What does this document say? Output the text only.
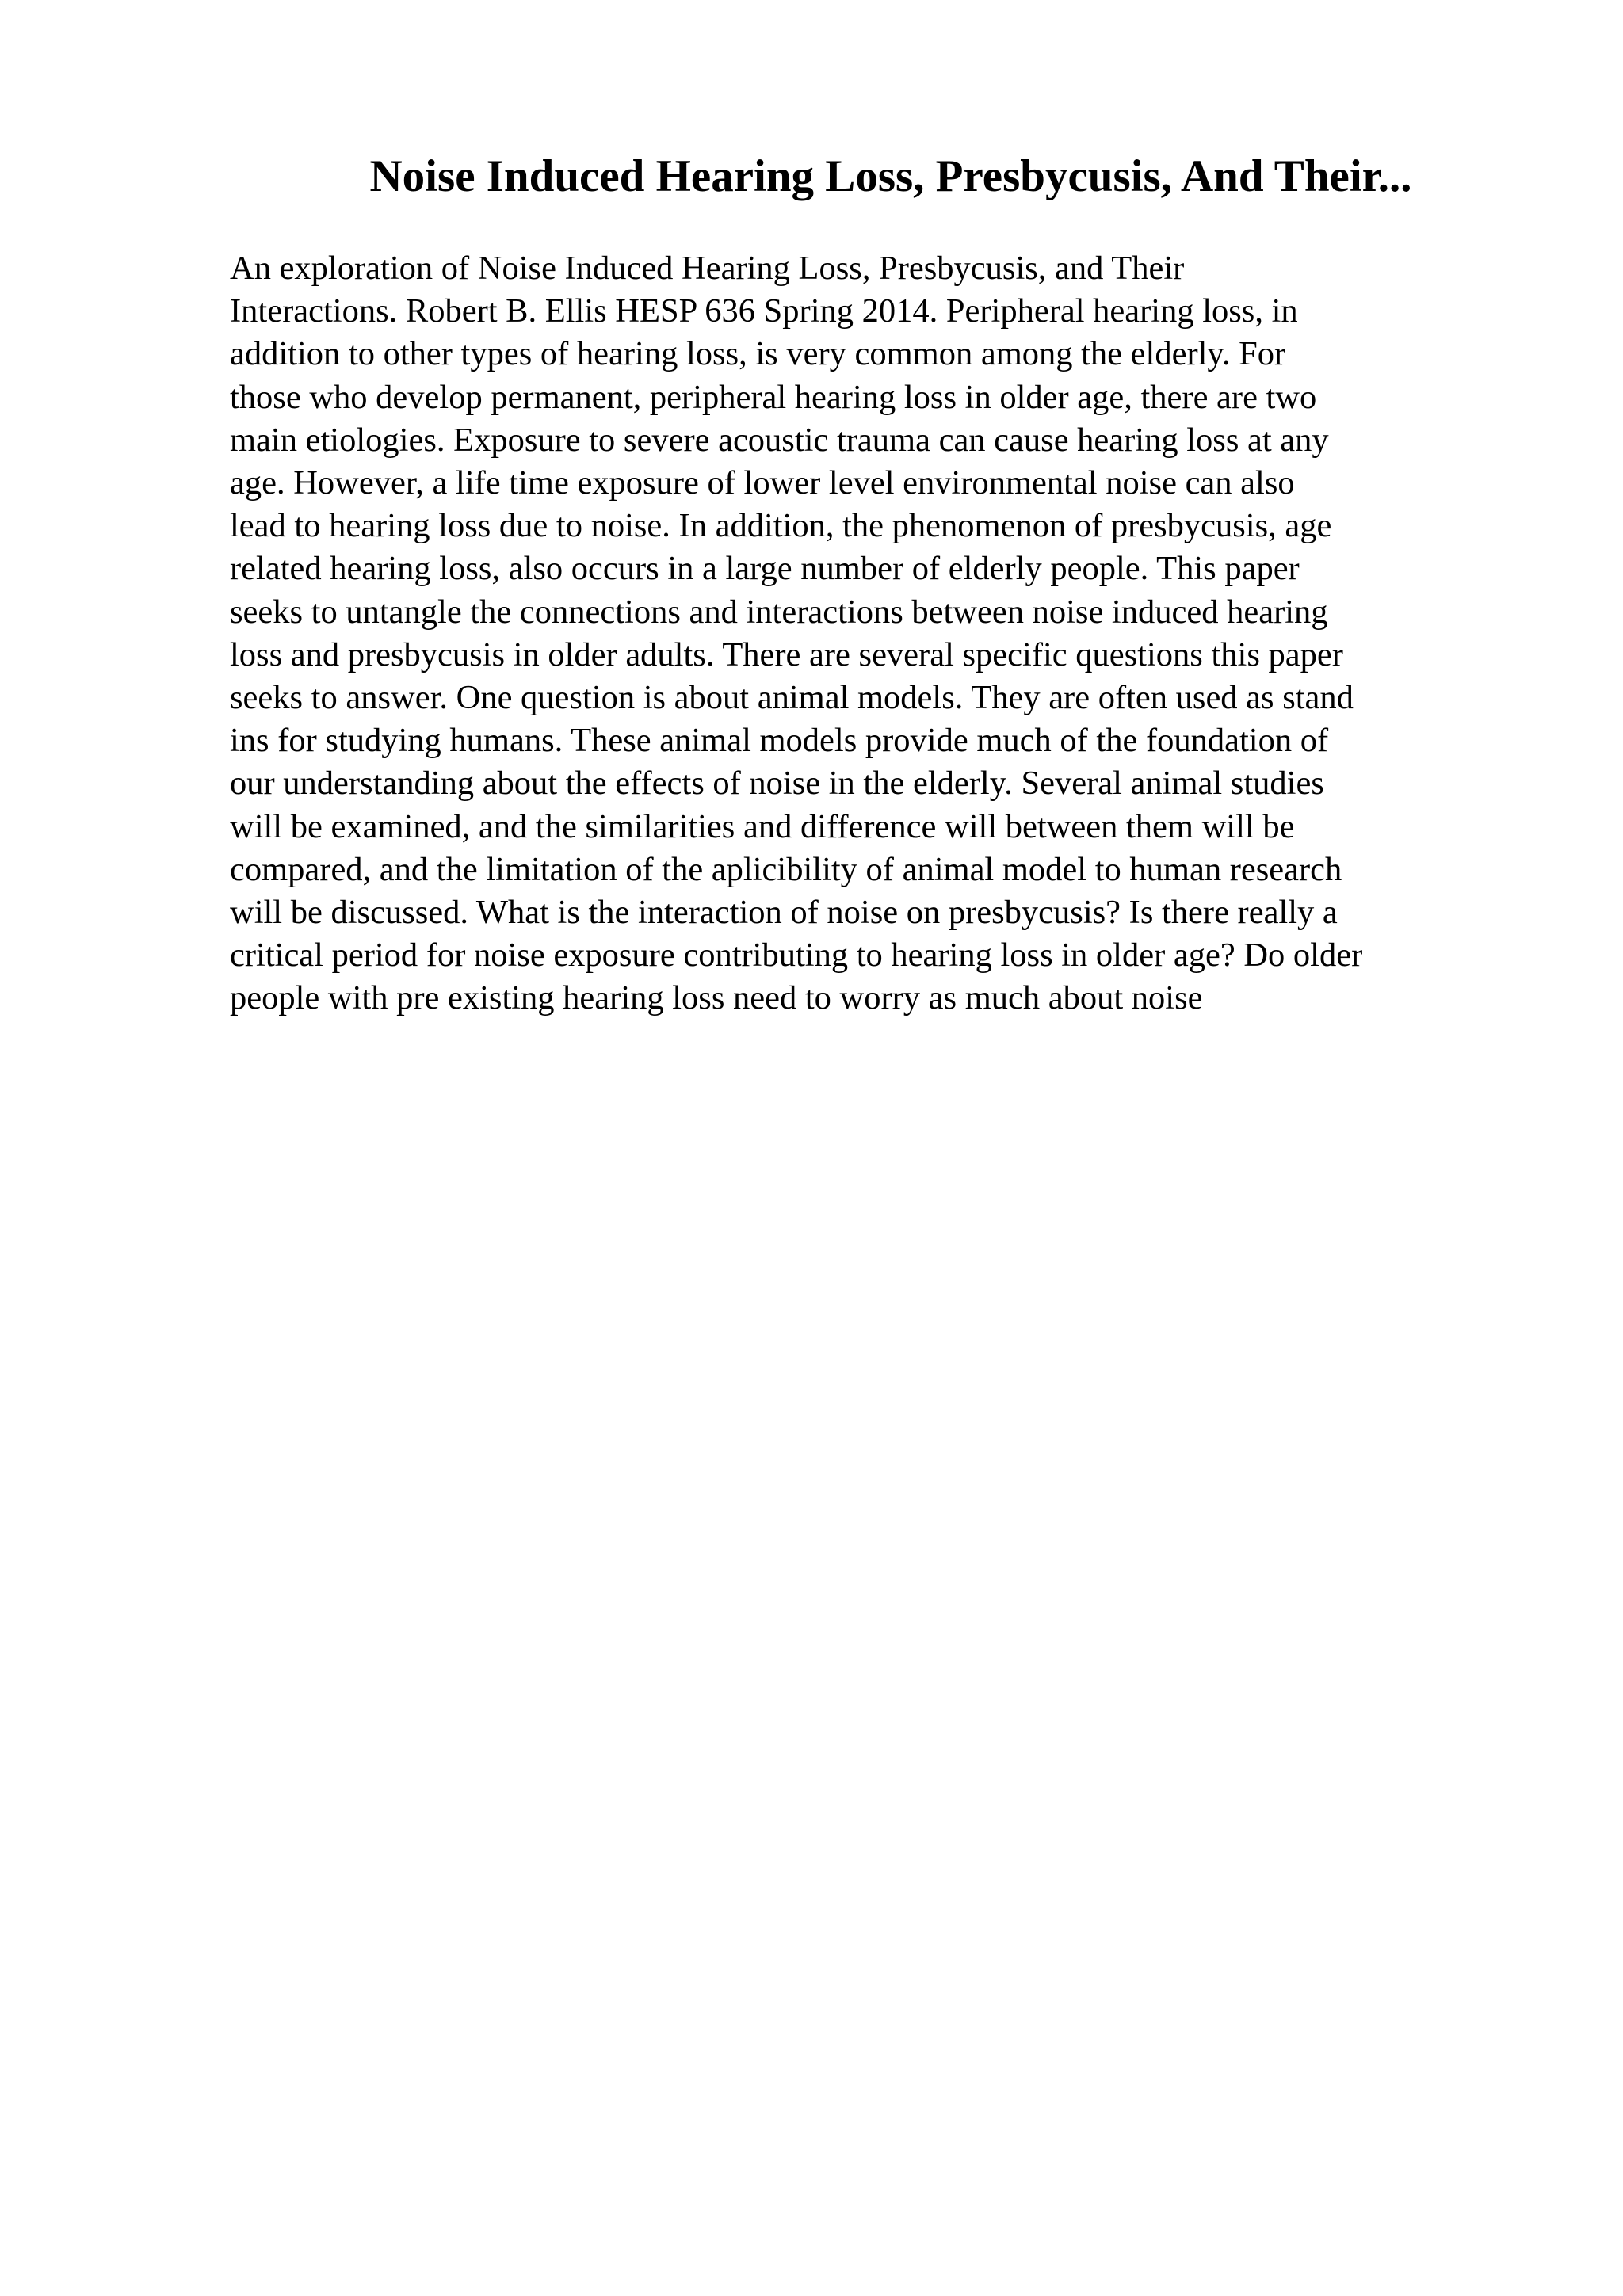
Noise Induced Hearing Loss, Presbycusis, And Their...
An exploration of Noise Induced Hearing Loss, Presbycusis, and Their
Interactions. Robert B. Ellis HESP 636 Spring 2014. Peripheral hearing loss, in
addition to other types of hearing loss, is very common among the elderly. For
those who develop permanent, peripheral hearing loss in older age, there are two
main etiologies. Exposure to severe acoustic trauma can cause hearing loss at any
age. However, a life time exposure of lower level environmental noise can also
lead to hearing loss due to noise. In addition, the phenomenon of presbycusis, age
related hearing loss, also occurs in a large number of elderly people. This paper
seeks to untangle the connections and interactions between noise induced hearing
loss and presbycusis in older adults. There are several specific questions this paper
seeks to answer. One question is about animal models. They are often used as stand
ins for studying humans. These animal models provide much of the foundation of
our understanding about the effects of noise in the elderly. Several animal studies
will be examined, and the similarities and difference will between them will be
compared, and the limitation of the aplicibility of animal model to human research
will be discussed. What is the interaction of noise on presbycusis? Is there really a
critical period for noise exposure contributing to hearing loss in older age? Do older
people with pre existing hearing loss need to worry as much about noise
